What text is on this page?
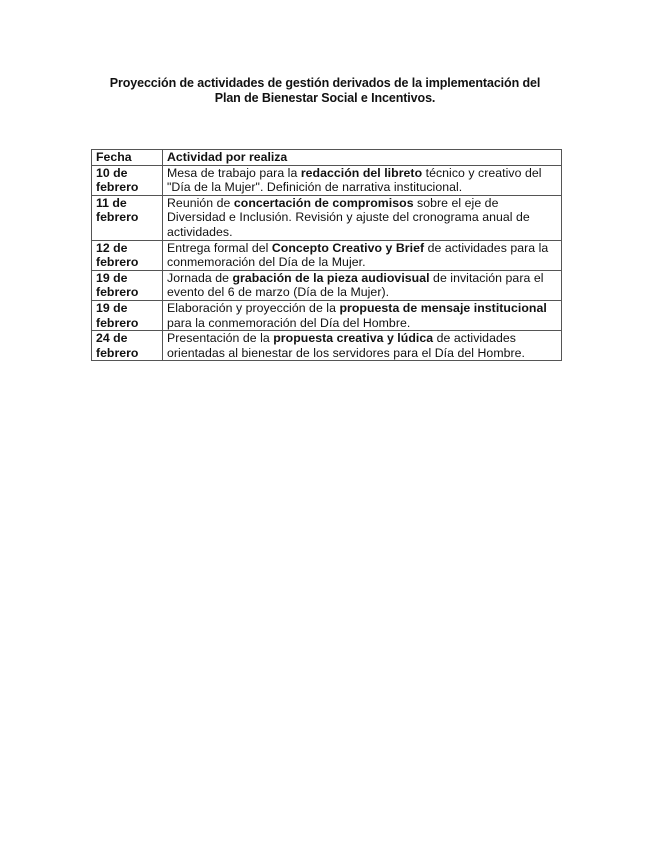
Proyección de actividades de gestión derivados de la implementación del
Plan de Bienestar Social e Incentivos.
Fecha	Actividad por realiza
10 de
febrero	Mesa de trabajo para la redacción del libreto técnico y creativo del "Día de la Mujer". Definición de narrativa institucional.
11 de
febrero	Reunión de concertación de compromisos sobre el eje de Diversidad e Inclusión. Revisión y ajuste del cronograma anual de actividades.
12 de
febrero	Entrega formal del Concepto Creativo y Brief de actividades para la conmemoración del Día de la Mujer.
19 de
febrero	Jornada de grabación de la pieza audiovisual de invitación para el evento del 6 de marzo (Día de la Mujer).
19 de
febrero	Elaboración y proyección de la propuesta de mensaje institucional para la conmemoración del Día del Hombre.
24 de
febrero	Presentación de la propuesta creativa y lúdica de actividades orientadas al bienestar de los servidores para el Día del Hombre.
